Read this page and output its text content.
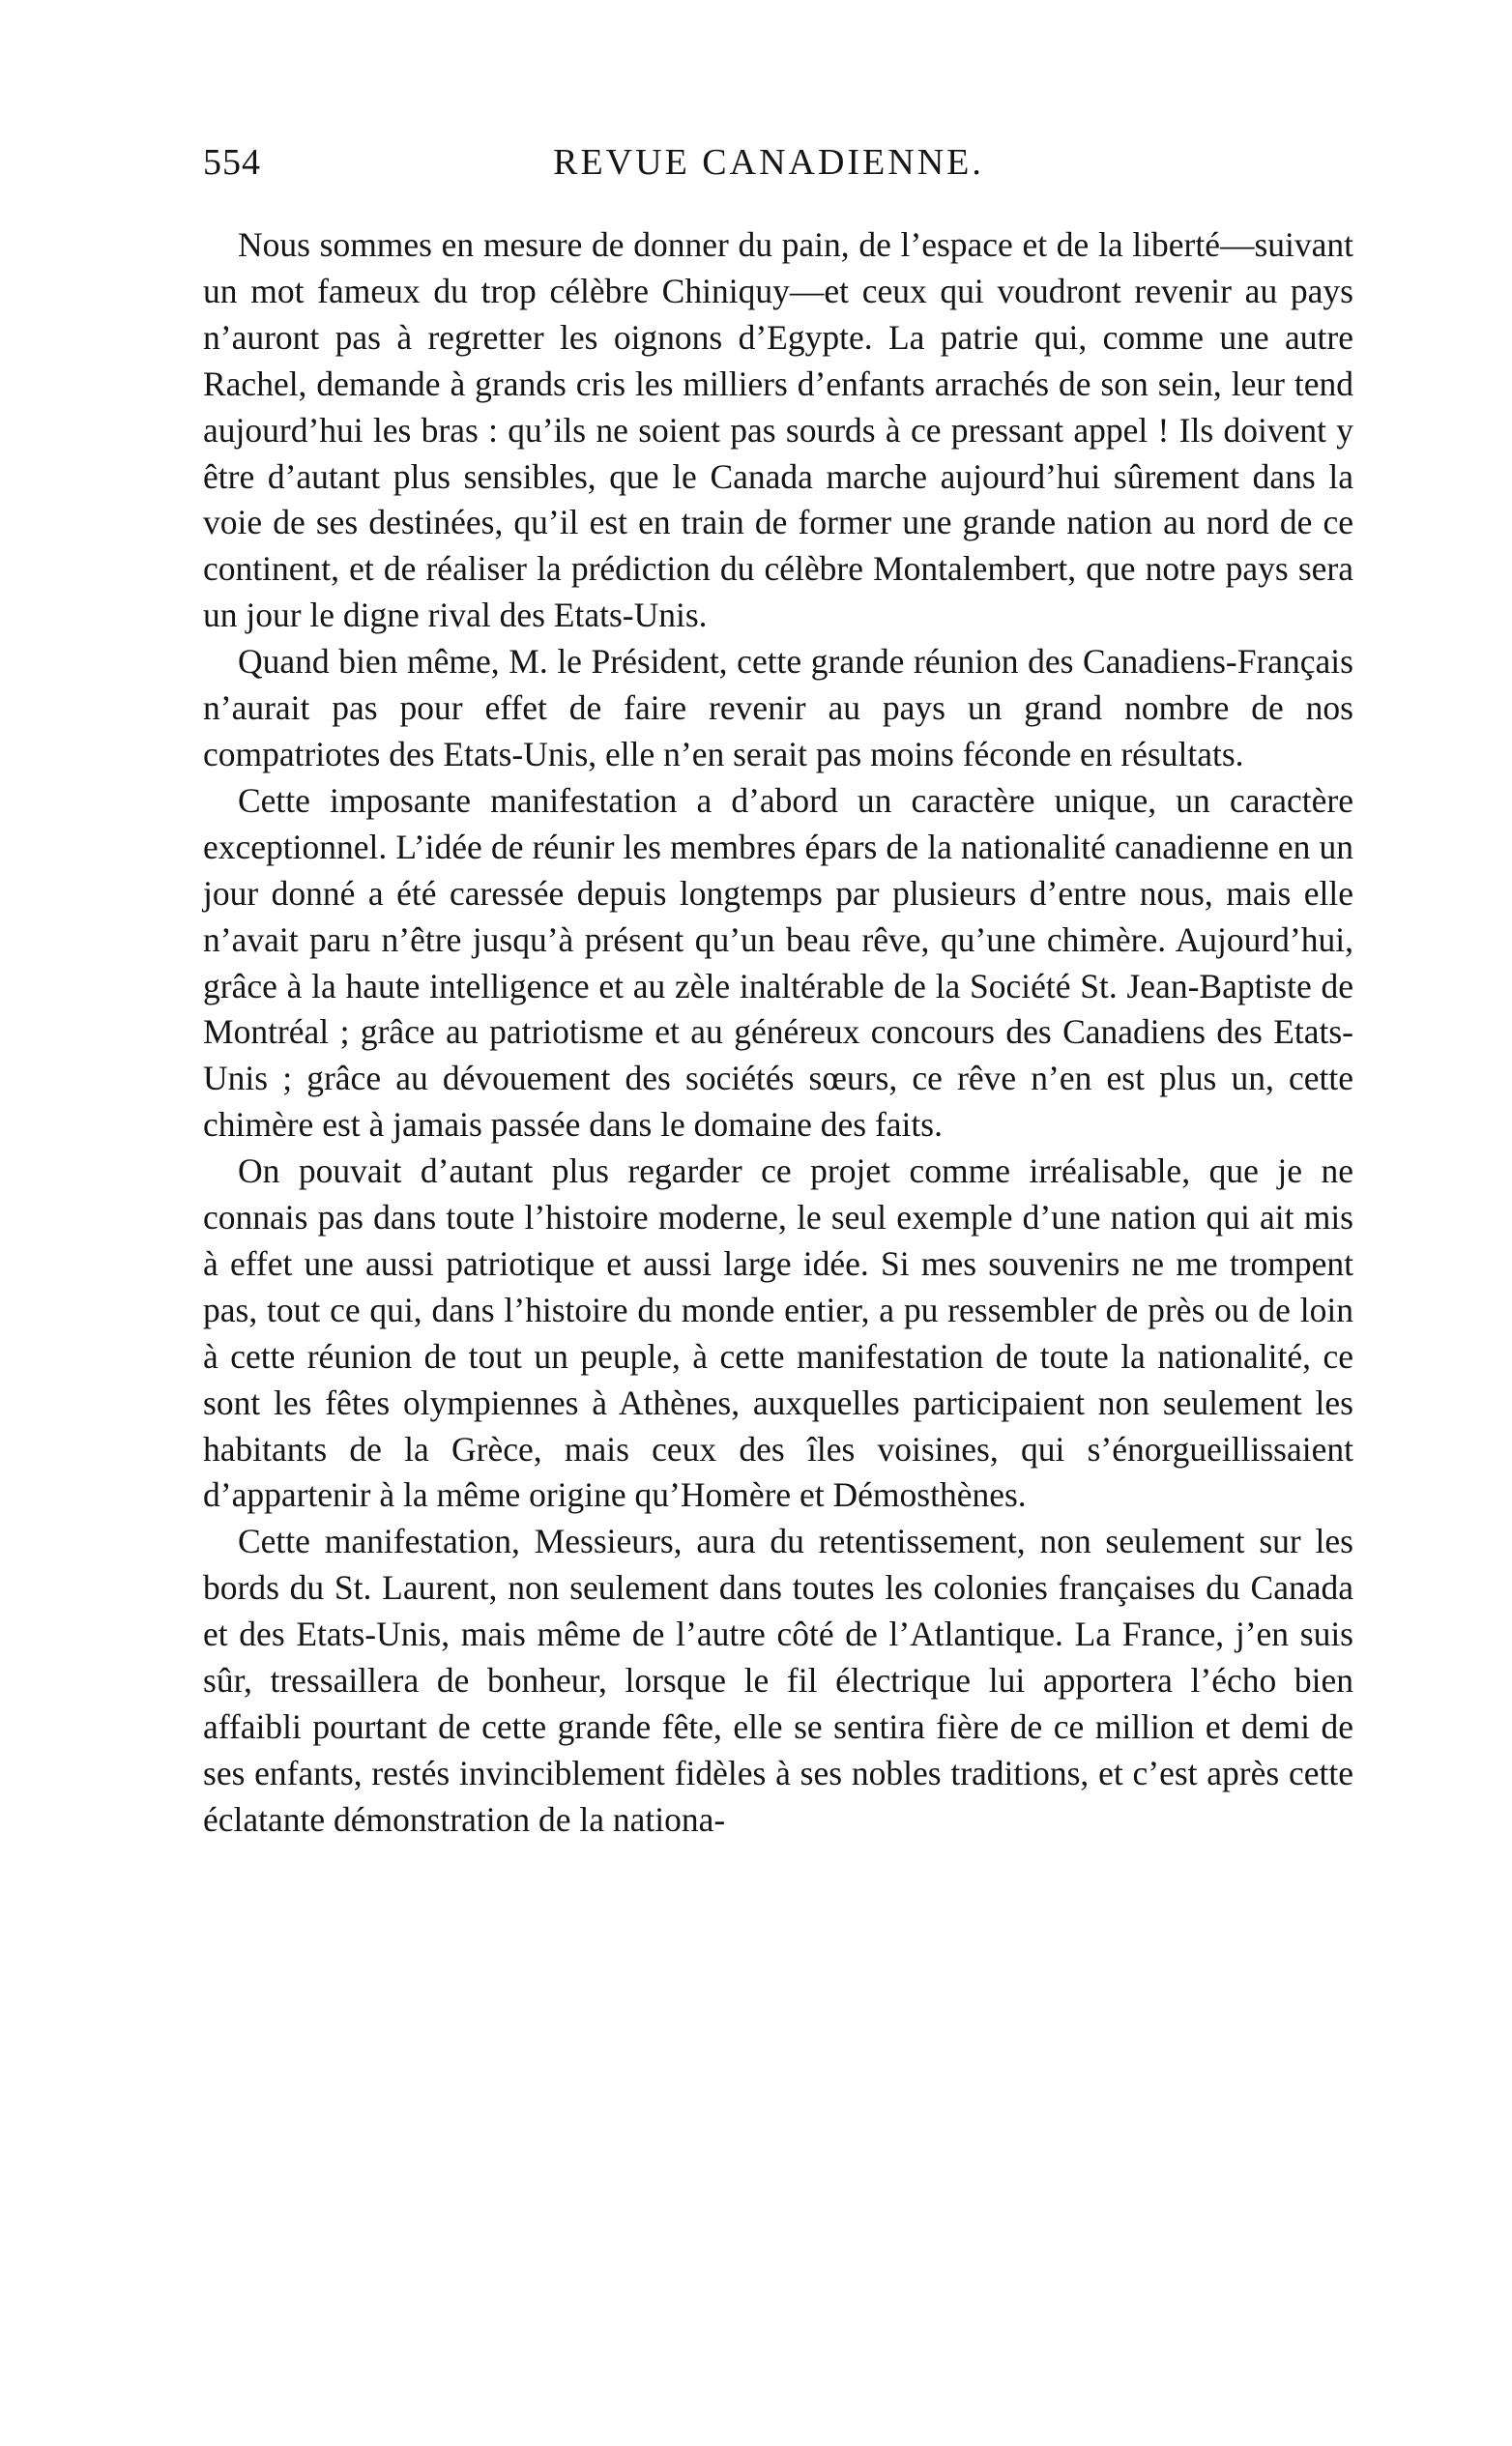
554	REVUE CANADIENNE.

Nous sommes en mesure de donner du pain, de l’espace et de la liberté—suivant un mot fameux du trop célèbre Chiniquy—et ceux qui voudront revenir au pays n’auront pas à regretter les oignons d’Egypte. La patrie qui, comme une autre Rachel, demande à grands cris les milliers d’enfants arrachés de son sein, leur tend aujourd’hui les bras : qu’ils ne soient pas sourds à ce pressant appel ! Ils doivent y être d’autant plus sensibles, que le Canada marche aujourd’hui sûrement dans la voie de ses destinées, qu’il est en train de former une grande nation au nord de ce continent, et de réaliser la prédiction du célèbre Montalembert, que notre pays sera un jour le digne rival des Etats-Unis.

Quand bien même, M. le Président, cette grande réunion des Canadiens-Français n’aurait pas pour effet de faire revenir au pays un grand nombre de nos compatriotes des Etats-Unis, elle n’en serait pas moins féconde en résultats.

Cette imposante manifestation a d’abord un caractère unique, un caractère exceptionnel. L’idée de réunir les membres épars de la nationalité canadienne en un jour donné a été caressée depuis longtemps par plusieurs d’entre nous, mais elle n’avait paru n’être jusqu’à présent qu’un beau rêve, qu’une chimère. Aujourd’hui, grâce à la haute intelligence et au zèle inaltérable de la Société St. Jean-Baptiste de Montréal ; grâce au patriotisme et au généreux concours des Canadiens des Etats-Unis ; grâce au dévouement des sociétés sœurs, ce rêve n’en est plus un, cette chimère est à jamais passée dans le domaine des faits.

On pouvait d’autant plus regarder ce projet comme irréalisable, que je ne connais pas dans toute l’histoire moderne, le seul exemple d’une nation qui ait mis à effet une aussi patriotique et aussi large idée. Si mes souvenirs ne me trompent pas, tout ce qui, dans l’histoire du monde entier, a pu ressembler de près ou de loin à cette réunion de tout un peuple, à cette manifestation de toute la nationalité, ce sont les fêtes olympiennes à Athènes, auxquelles participaient non seulement les habitants de la Grèce, mais ceux des îles voisines, qui s’énorgueillissaient d’appartenir à la même origine qu’Homère et Démosthènes.

Cette manifestation, Messieurs, aura du retentissement, non seulement sur les bords du St. Laurent, non seulement dans toutes les colonies françaises du Canada et des Etats-Unis, mais même de l’autre côté de l’Atlantique. La France, j’en suis sûr, tressaillera de bonheur, lorsque le fil électrique lui apportera l’écho bien affaibli pourtant de cette grande fête, elle se sentira fière de ce million et demi de ses enfants, restés invinciblement fidèles à ses nobles traditions, et c’est après cette éclatante démonstration de la nationa-
